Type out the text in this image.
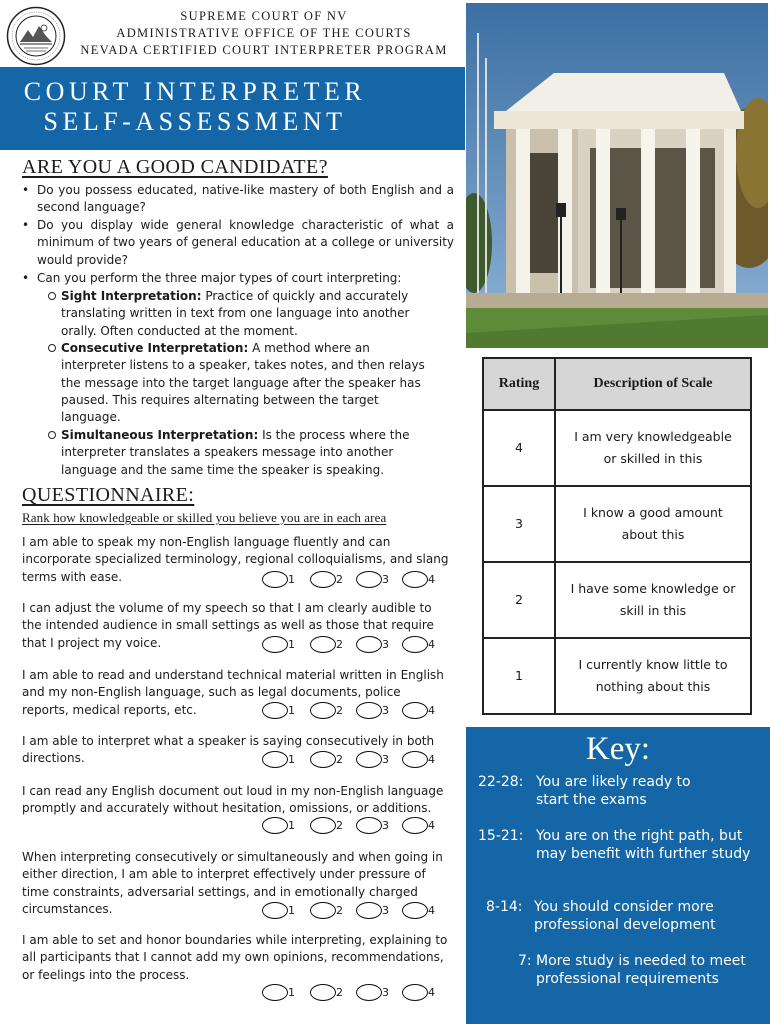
SUPREME COURT OF NV
ADMINISTRATIVE OFFICE OF THE COURTS
NEVADA CERTIFIED COURT INTERPRETER PROGRAM
COURT INTERPRETER
SELF-ASSESSMENT
ARE YOU A GOOD CANDIDATE?
• Do you possess educated, native-like mastery of both English and a second language?
• Do you display wide general knowledge characteristic of what a minimum of two years of general education at a college or university would provide?
• Can you perform the three major types of court interpreting:
Sight Interpretation: Practice of quickly and accurately translating written in text from one language into another orally. Often conducted at the moment.
Consecutive Interpretation: A method where an interpreter listens to a speaker, takes notes, and then relays the message into the target language after the speaker has paused. This requires alternating between the target language.
Simultaneous Interpretation: Is the process where the interpreter translates a speakers message into another language and the same time the speaker is speaking.
QUESTIONNAIRE:
Rank how knowledgeable or skilled you believe you are in each area

I am able to speak my non-English language fluently and can incorporate specialized terminology, regional colloquialisms, and slang terms with ease.	1	2	3	4

I can adjust the volume of my speech so that I am clearly audible to the intended audience in small settings as well as those that require that I project my voice.	1	2	3	4

I am able to read and understand technical material written in English and my non-English language, such as legal documents, police reports, medical reports, etc.	1	2	3	4

I am able to interpret what a speaker is saying consecutively in both directions.	1	2	3	4

I can read any English document out loud in my non-English language promptly and accurately without hesitation, omissions, or additions.

1	2	3	4

When interpreting consecutively or simultaneously and when going in either direction, I am able to interpret effectively under pressure of time constraints, adversarial settings, and in emotionally charged circumstances.	1	2	3	4

I am able to set and honor boundaries while interpreting, explaining to all participants that I cannot add my own opinions, recommendations, or feelings into the process.

1	2	3	4
Rating	Description of Scale
4	I am very knowledgeable or skilled in this
3	I know a good amount about this
2	I have some knowledge or skill in this
1	I currently know little to nothing about this
Key:
22-28: You are likely ready to start the exams
15-21: You are on the right path, but may benefit with further study
8-14: You should consider more professional development
7: More study is needed to meet professional requirements
